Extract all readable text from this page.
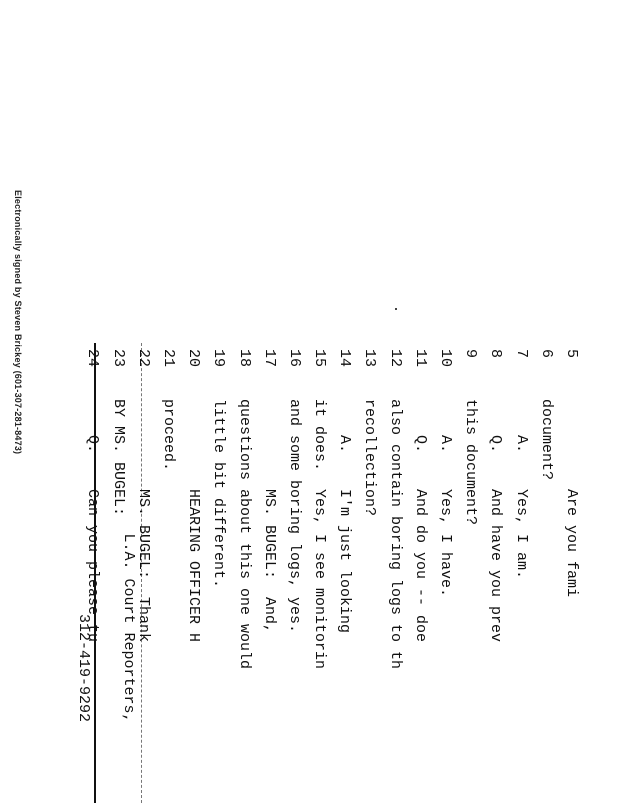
Electronically signed by Steven Brickey (601-307-281-8473)	5
Are you fami
6
document?
7
A.    Yes, I am.
8
Q.    And have you prev
9
this document?
10
A.    Yes, I have.
11
Q.    And do you -- doe
12
also contain boring logs to th
13
recollection?
14
A.    I'm just looking
15
it does.  Yes, I see monitorin
16
and some boring logs, yes.
17
MS. BUGEL:  And,
18
questions about this one would
19
little bit different.
20
HEARING OFFICER H
21
proceed.
22
MS. BUGEL:  Thank
23
BY MS. BUGEL:
24
Q.    Can you please tu

L.A. Court Reporters,

312-419-9292
